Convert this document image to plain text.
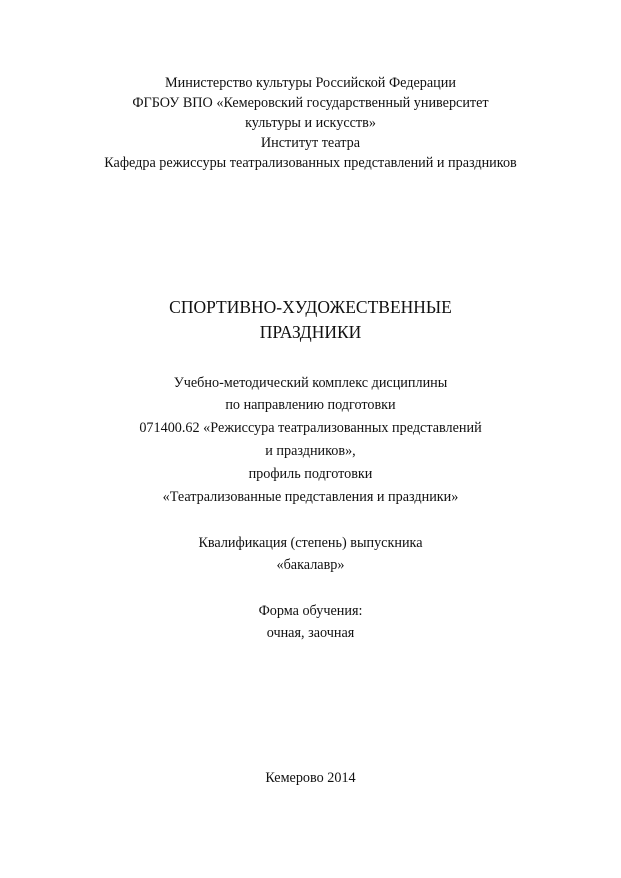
Министерство культуры Российской Федерации
ФГБОУ ВПО «Кемеровский государственный университет
культуры и искусств»
Институт театра
Кафедра режиссуры театрализованных представлений и праздников
СПОРТИВНО-ХУДОЖЕСТВЕННЫЕ
ПРАЗДНИКИ
Учебно-методический комплекс дисциплины
по направлению подготовки
071400.62 «Режиссура театрализованных представлений
и праздников»,
профиль подготовки
«Театрализованные представления и праздники»
Квалификация (степень) выпускника
«бакалавр»
Форма обучения:
очная, заочная
Кемерово 2014
